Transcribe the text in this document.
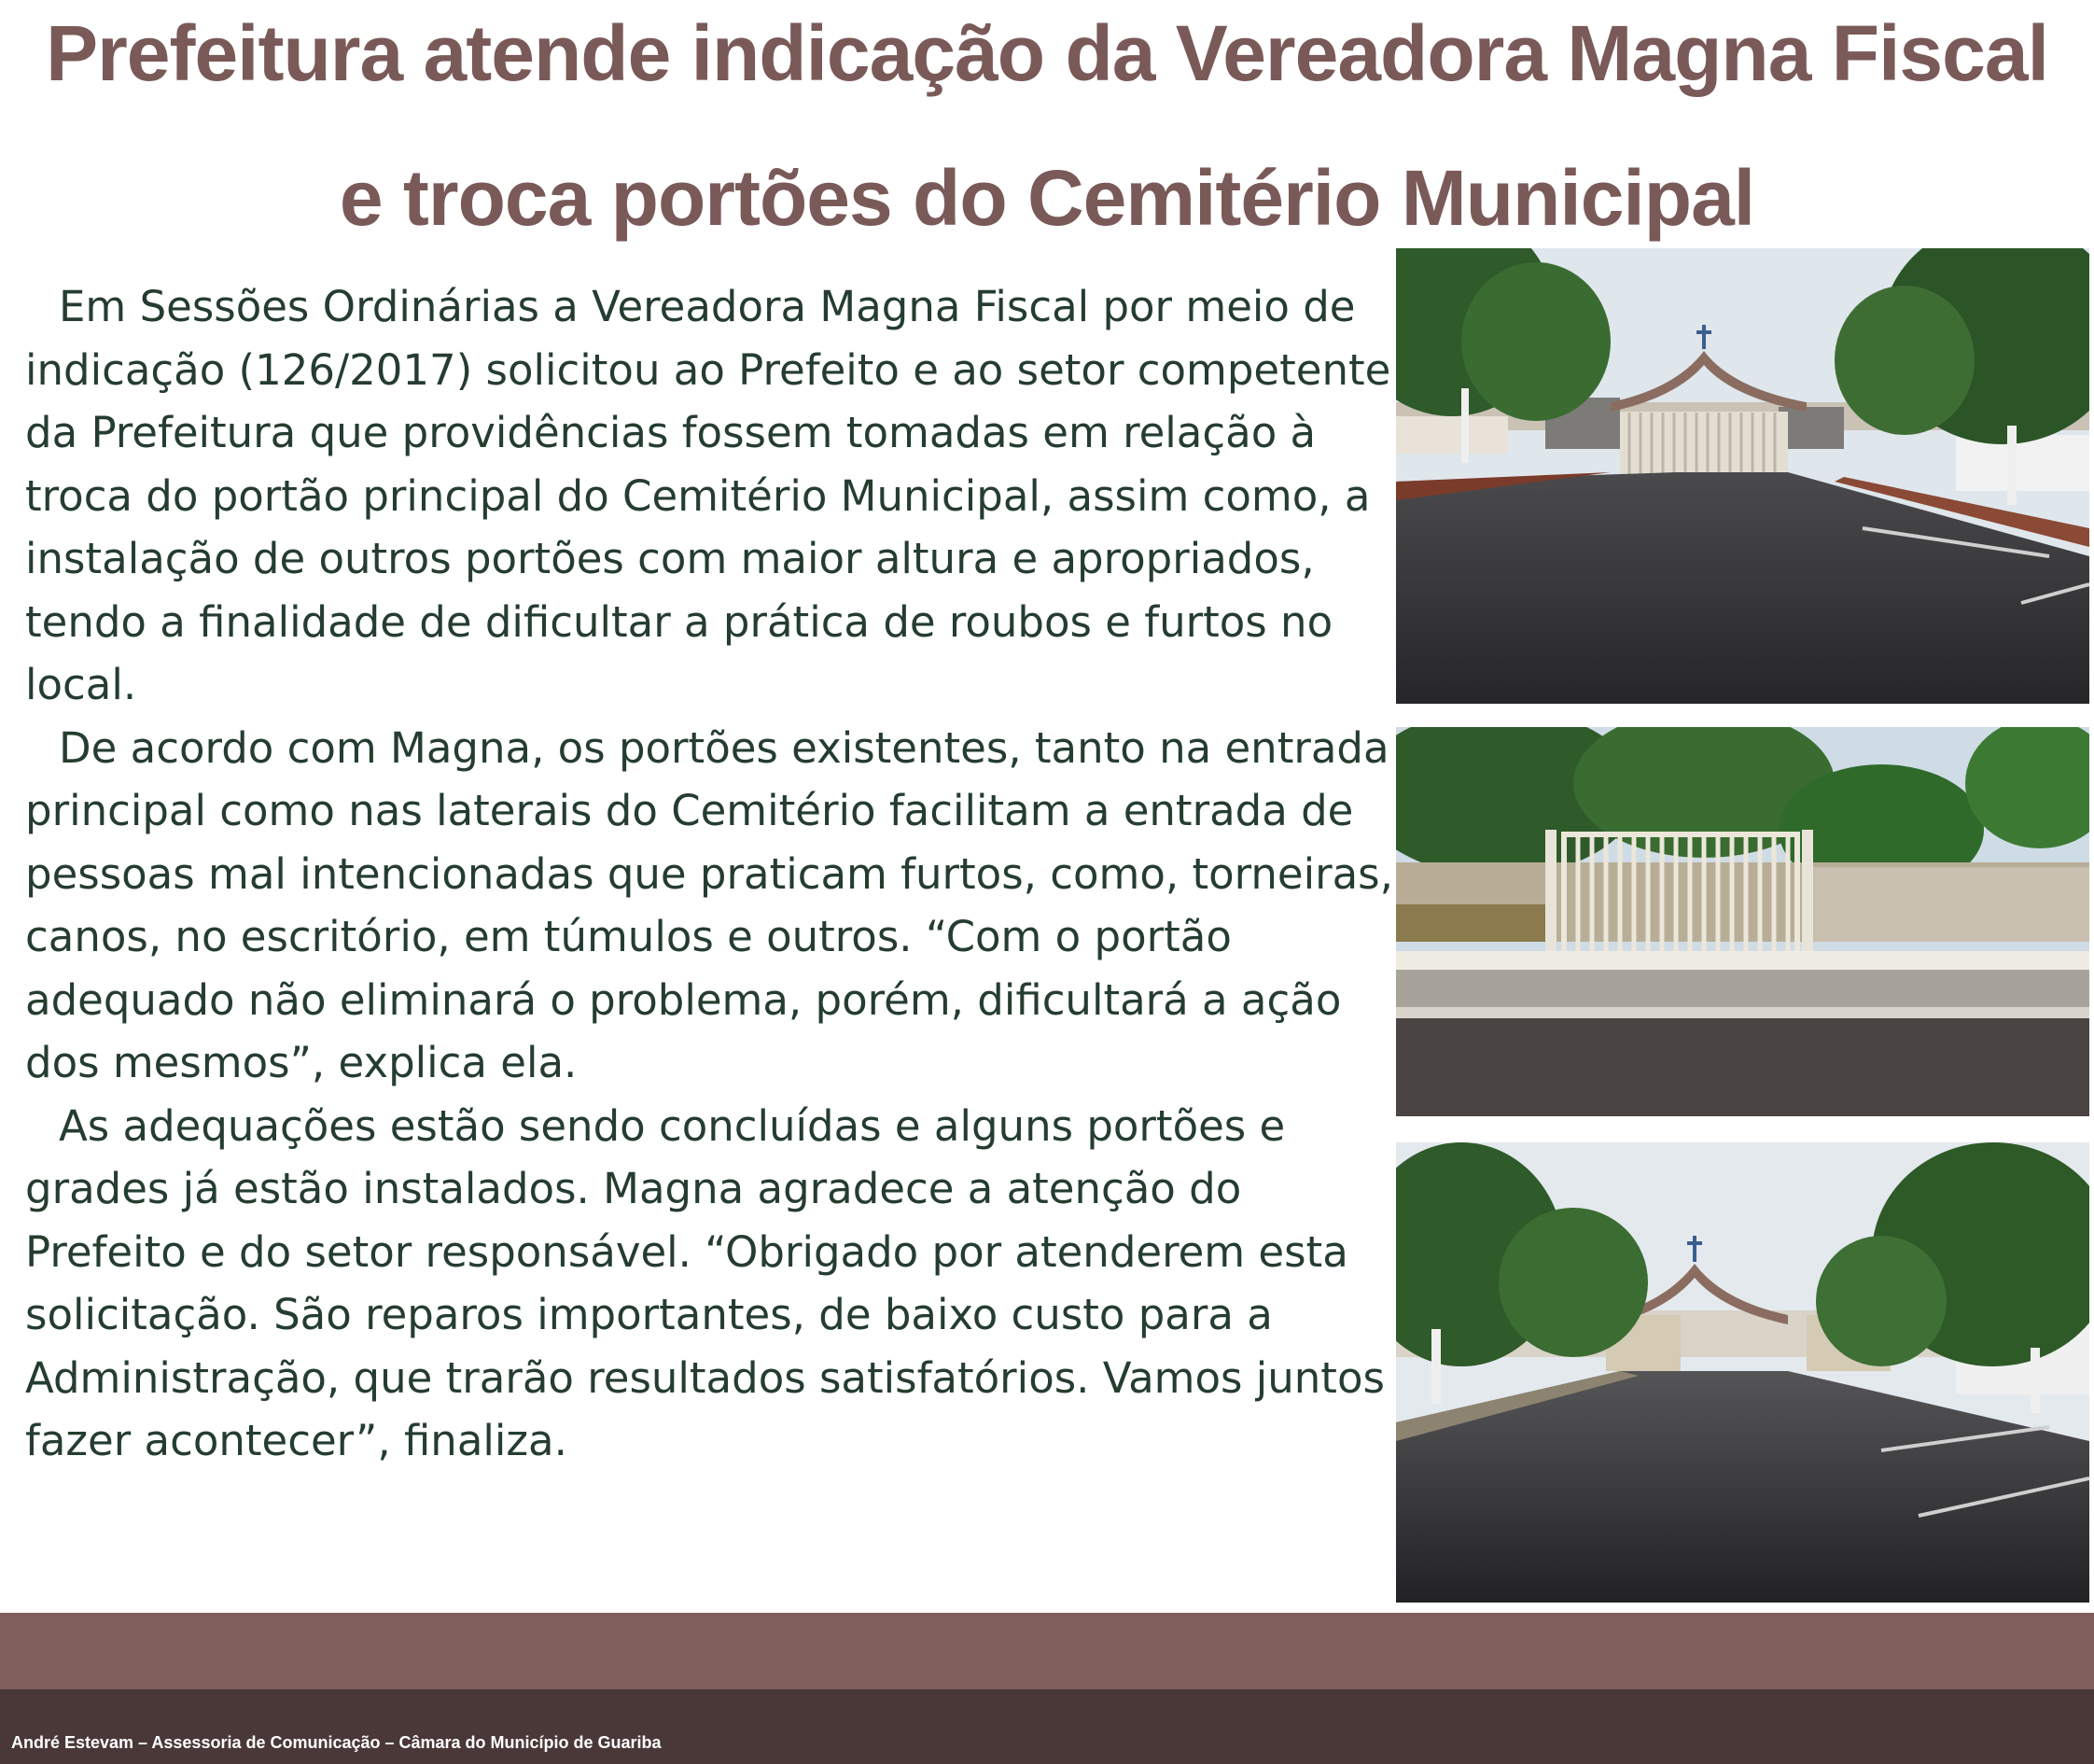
Prefeitura atende indicação da Vereadora Magna Fiscal
e troca portões do Cemitério Municipal

Em Sessões Ordinárias a Vereadora Magna Fiscal por meio de indicação (126/2017) solicitou ao Prefeito e ao setor competente da Prefeitura que providências fossem tomadas em relação à troca do portão principal do Cemitério Municipal, assim como, a instalação de outros portões com maior altura e apropriados, tendo a finalidade de dificultar a prática de roubos e furtos no local.

De acordo com Magna, os portões existentes, tanto na entrada principal como nas laterais do Cemitério facilitam a entrada de pessoas mal intencionadas que praticam furtos, como, torneiras, canos, no escritório, em túmulos e outros. “Com o portão adequado não eliminará o problema, porém, dificultará a ação dos mesmos”, explica ela.

As adequações estão sendo concluídas e alguns portões e grades já estão instalados. Magna agradece a atenção do Prefeito e do setor responsável. “Obrigado por atenderem esta solicitação. São reparos importantes, de baixo custo para a Administração, que trarão resultados satisfatórios. Vamos juntos fazer acontecer”, finaliza.

André Estevam – Assessoria de Comunicação – Câmara do Município de Guariba
